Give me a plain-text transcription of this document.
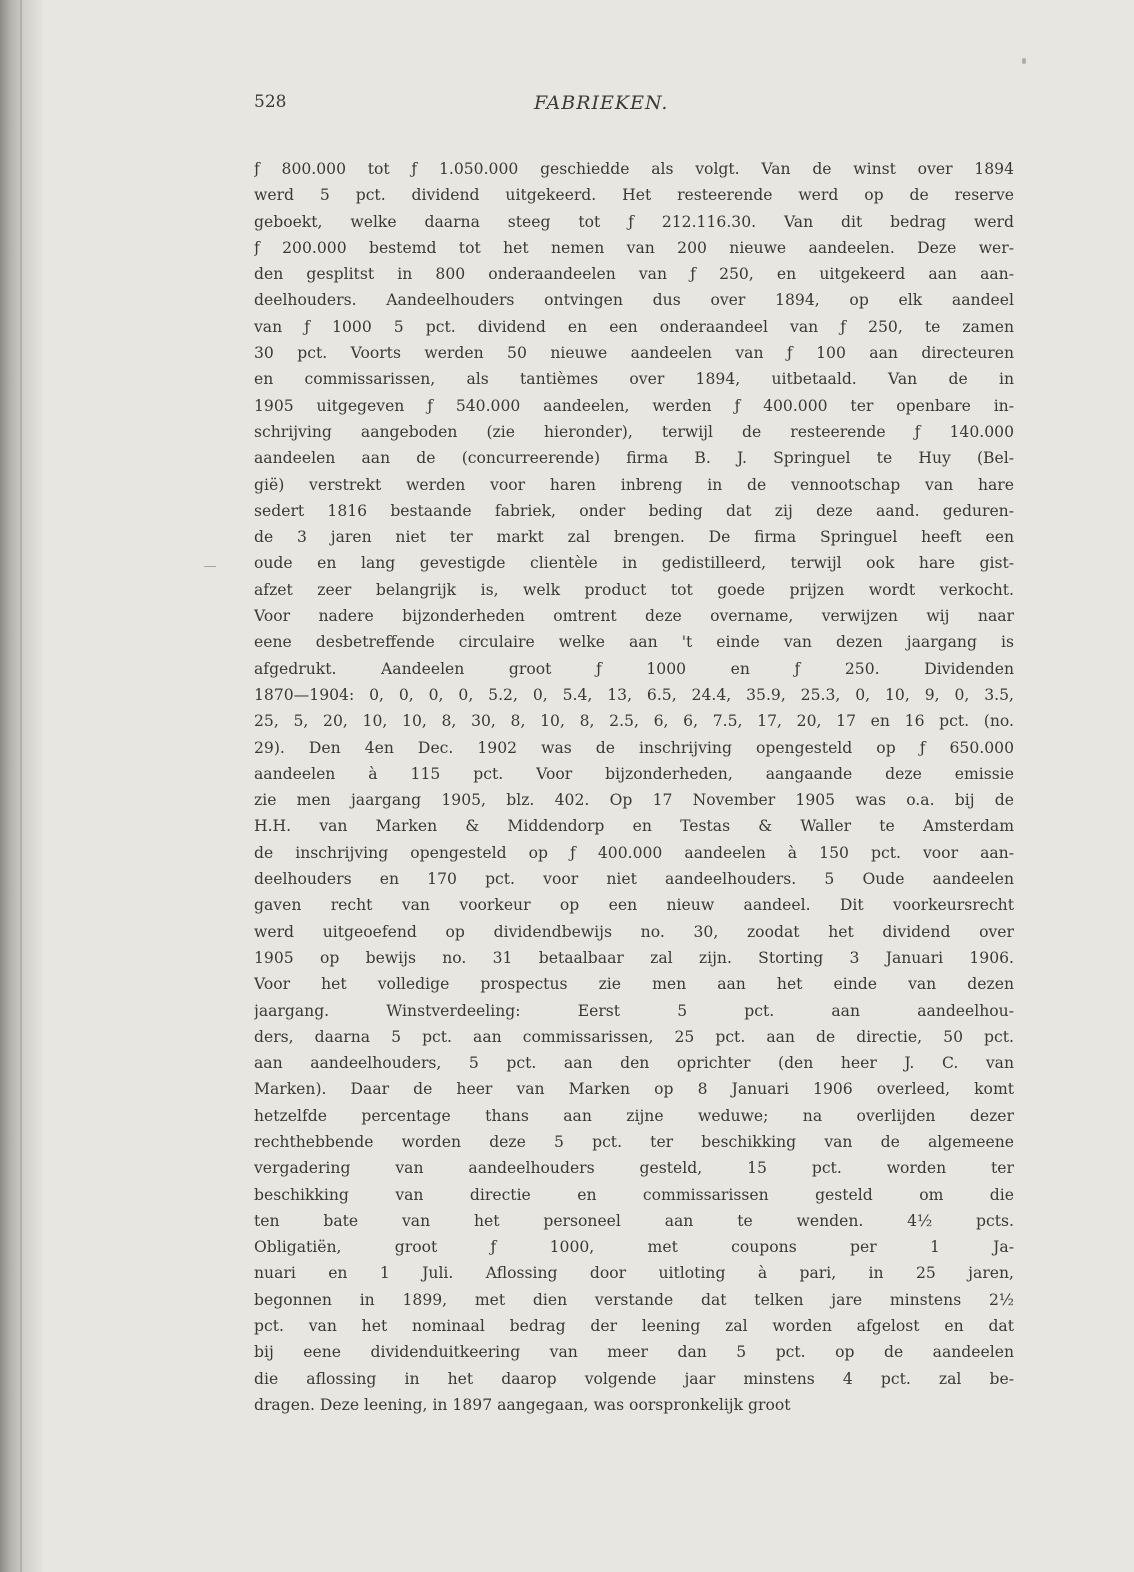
528	FABRIEKEN.
ƒ 800.000 tot ƒ 1.050.000 geschiedde als volgt. Van de winst over 1894
werd 5 pct. dividend uitgekeerd. Het resteerende werd op de reserve
geboekt, welke daarna steeg tot ƒ 212.116.30. Van dit bedrag werd
ƒ 200.000 bestemd tot het nemen van 200 nieuwe aandeelen. Deze wer-
den gesplitst in 800 onderaandeelen van ƒ 250, en uitgekeerd aan aan-
deelhouders. Aandeelhouders ontvingen dus over 1894, op elk aandeel
van ƒ 1000 5 pct. dividend en een onderaandeel van ƒ 250, te zamen
30 pct. Voorts werden 50 nieuwe aandeelen van ƒ 100 aan directeuren
en commissarissen, als tantièmes over 1894, uitbetaald. Van de in
1905 uitgegeven ƒ 540.000 aandeelen, werden ƒ 400.000 ter openbare in-
schrijving aangeboden (zie hieronder), terwijl de resteerende ƒ 140.000
aandeelen aan de (concurreerende) firma B. J. Springuel te Huy (Bel-
gië) verstrekt werden voor haren inbreng in de vennootschap van hare
sedert 1816 bestaande fabriek, onder beding dat zij deze aand. geduren-
de 3 jaren niet ter markt zal brengen. De firma Springuel heeft een
oude en lang gevestigde clientèle in gedistilleerd, terwijl ook hare gist-
afzet zeer belangrijk is, welk product tot goede prijzen wordt verkocht.
Voor nadere bijzonderheden omtrent deze overname, verwijzen wij naar
eene desbetreffende circulaire welke aan 't einde van dezen jaargang is
afgedrukt. Aandeelen groot ƒ 1000 en ƒ 250. Dividenden
1870—1904: 0, 0, 0, 0, 5.2, 0, 5.4, 13, 6.5, 24.4, 35.9, 25.3, 0, 10, 9, 0, 3.5,
25, 5, 20, 10, 10, 8, 30, 8, 10, 8, 2.5, 6, 6, 7.5, 17, 20, 17 en 16 pct. (no.
29). Den 4en Dec. 1902 was de inschrijving opengesteld op ƒ 650.000
aandeelen à 115 pct. Voor bijzonderheden, aangaande deze emissie
zie men jaargang 1905, blz. 402. Op 17 November 1905 was o.a. bij de
H.H. van Marken & Middendorp en Testas & Waller te Amsterdam
de inschrijving opengesteld op ƒ 400.000 aandeelen à 150 pct. voor aan-
deelhouders en 170 pct. voor niet aandeelhouders. 5 Oude aandeelen
gaven recht van voorkeur op een nieuw aandeel. Dit voorkeursrecht
werd uitgeoefend op dividendbewijs no. 30, zoodat het dividend over
1905 op bewijs no. 31 betaalbaar zal zijn. Storting 3 Januari 1906.
Voor het volledige prospectus zie men aan het einde van dezen
jaargang. Winstverdeeling: Eerst 5 pct. aan aandeelhou-
ders, daarna 5 pct. aan commissarissen, 25 pct. aan de directie, 50 pct.
aan aandeelhouders, 5 pct. aan den oprichter (den heer J. C. van
Marken). Daar de heer van Marken op 8 Januari 1906 overleed, komt
hetzelfde percentage thans aan zijne weduwe; na overlijden dezer
rechthebbende worden deze 5 pct. ter beschikking van de algemeene
vergadering van aandeelhouders gesteld, 15 pct. worden ter
beschikking van directie en commissarissen gesteld om die
ten bate van het personeel aan te wenden. 4½ pcts.
Obligatiën, groot ƒ 1000, met coupons per 1 Ja-
nuari en 1 Juli. Aflossing door uitloting à pari, in 25 jaren,
begonnen in 1899, met dien verstande dat telken jare minstens 2½
pct. van het nominaal bedrag der leening zal worden afgelost en dat
bij eene dividenduitkeering van meer dan 5 pct. op de aandeelen
die aflossing in het daarop volgende jaar minstens 4 pct. zal be-
dragen. Deze leening, in 1897 aangegaan, was oorspronkelijk groot
